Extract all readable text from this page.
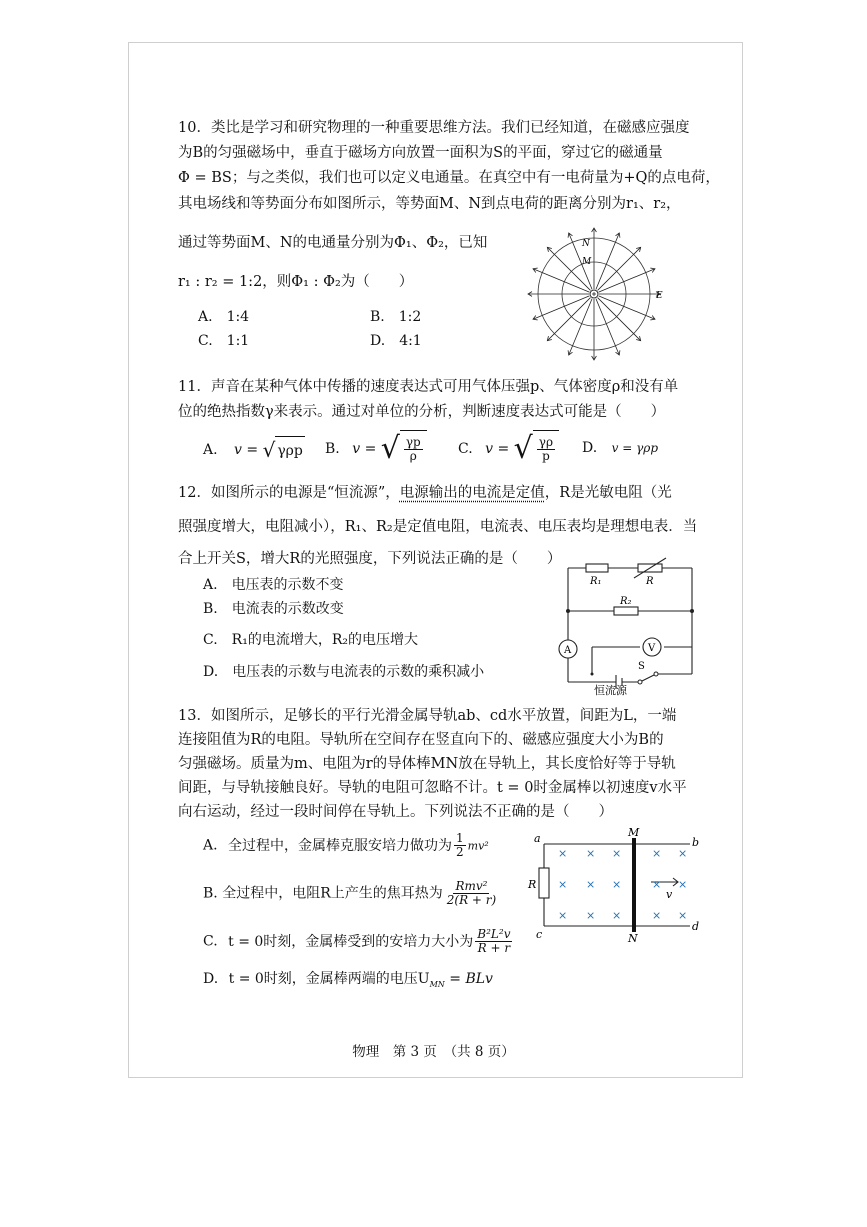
10．类比是学习和研究物理的一种重要思维方法。我们已经知道，在磁感应强度
为B的匀强磁场中，垂直于磁场方向放置一面积为S的平面，穿过它的磁通量
Φ = BS；与之类似，我们也可以定义电通量。在真空中有一电荷量为+Q的点电荷，
其电场线和等势面分布如图所示，等势面M、N到点电荷的距离分别为r₁、r₂，
通过等势面M、N的电通量分别为Φ₁、Φ₂，已知
r₁ : r₂ = 1:2，则Φ₁ : Φ₂为（　　）
A.　 1:4	B.　 1:2
C.　 1:1	D.　 4:1
N
M
E
11．声音在某种气体中传播的速度表达式可用气体压强p、气体密度ρ和没有单
位的绝热指数γ来表示。通过对单位的分析，判断速度表达式可能是（　　）
A. v = √ γρp B. v = √ $\frac{\gamma p}{\rho}$	C. v = √ $\frac{\gamma\rho}{p} D$. v = γρp
12．如图所示的电源是“恒流源”，电源输出的电流是定值，R是光敏电阻（光
照强度增大，电阻减小），R₁、R₂是定值电阻，电流表、电压表均是理想电表．当
合上开关S，增大R的光照强度，下列说法正确的是（　　）
A.　 电压表的示数不变
B.　 电流表的示数改变
C.　 R₁的电流增大，R₂的电压增大
D.　 电压表的示数与电流表的示数的乘积减小
R₁	R
R₂
A	V
S
恒流源
13．如图所示，足够长的平行光滑金属导轨ab、cd水平放置，间距为L，一端
连接阻值为R的电阻。导轨所在空间存在竖直向下的、磁感应强度大小为B的
匀强磁场。质量为m、电阻为r的导体棒MN放在导轨上，其长度恰好等于导轨
间距，与导轨接触良好。导轨的电阻可忽略不计。t = 0时金属棒以初速度v水平
向右运动，经过一段时间停在导轨上。下列说法不正确的是（　　）
A. 全过程中，金属棒克服安培力做功为 $\frac{1}{2} mv^2$
B. 全过程中，电阻R上产生的焦耳热为 $\frac{\text{Rmv²}}{2(R + r)}$
C. t = 0时刻，金属棒受到的安培力大小为 $\frac{\text{B²L²v}}{R + r}$
D. t = 0时刻，金属棒两端的电压$U_{MN}$ = BLv
× × ×	× ×
× × ×	× ×
× × ×	× ×
a	b
c
d
M
N
R
v
物理　第 3 页　（共 8 页）
